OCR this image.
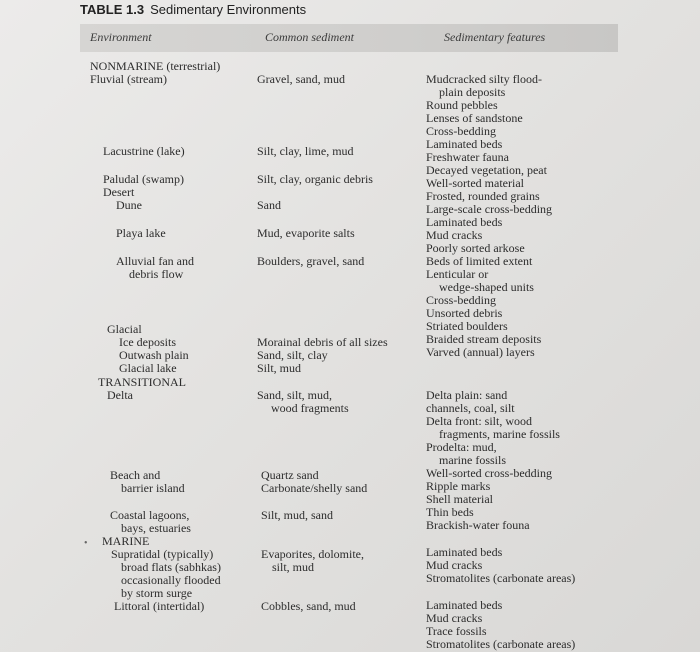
TABLE 1.3 Sedimentary Environments
Environment	Common sediment	Sedimentary features
NONMARINE (terrestrial)
Fluvial (stream)
Lacustrine (lake)
Paludal (swamp)
Desert
Dune
Playa lake
Alluvial fan and
debris flow
Glacial
Ice deposits
Outwash plain
Glacial lake
TRANSITIONAL
Delta
Beach and
barrier island
Coastal lagoons,
bays, estuaries
MARINE
Supratidal (typically)
broad flats (sabhkas)
occasionally flooded
by storm surge
Littoral (intertidal)
Gravel, sand, mud
Silt, clay, lime, mud
Silt, clay, organic debris
Sand
Mud, evaporite salts
Boulders, gravel, sand
Morainal debris of all sizes
Sand, silt, clay
Silt, mud
Sand, silt, mud,
wood fragments
Quartz sand
Carbonate/shelly sand
Silt, mud, sand
Evaporites, dolomite,
silt, mud
Cobbles, sand, mud
Mudcracked silty flood-
plain deposits
Round pebbles
Lenses of sandstone
Cross-bedding
Laminated beds
Freshwater fauna
Decayed vegetation, peat
Well-sorted material
Frosted, rounded grains
Large-scale cross-bedding
Laminated beds
Mud cracks
Poorly sorted arkose
Beds of limited extent
Lenticular or
wedge-shaped units
Cross-bedding
Unsorted debris
Striated boulders
Braided stream deposits
Varved (annual) layers
Delta plain: sand
channels, coal, silt
Delta front: silt, wood
fragments, marine fossils
Prodelta: mud,
marine fossils
Well-sorted cross-bedding
Ripple marks
Shell material
Thin beds
Brackish-water founa
Laminated beds
Mud cracks
Stromatolites (carbonate areas)
Laminated beds
Mud cracks
Trace fossils
Stromatolites (carbonate areas)
•
